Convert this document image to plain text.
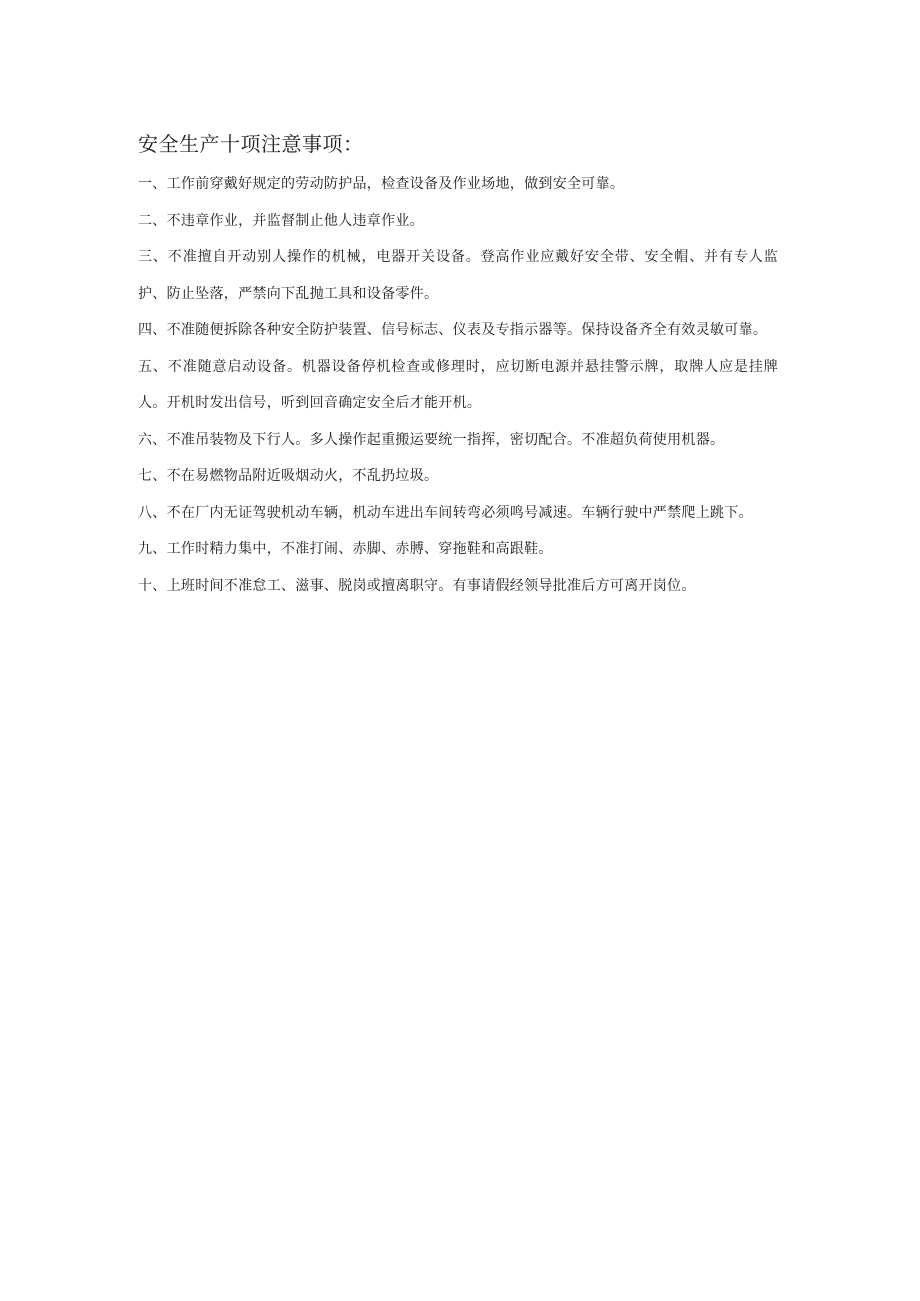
安全生产十项注意事项：
一、工作前穿戴好规定的劳动防护品，检查设备及作业场地，做到安全可靠。
二、不违章作业，并监督制止他人违章作业。
三、不准擅自开动别人操作的机械，电器开关设备。登高作业应戴好安全带、安全帽、并有专人监护、防止坠落，严禁向下乱抛工具和设备零件。
四、不准随便拆除各种安全防护装置、信号标志、仪表及专指示器等。保持设备齐全有效灵敏可靠。
五、不准随意启动设备。机器设备停机检查或修理时，应切断电源并悬挂警示牌，取牌人应是挂牌人。开机时发出信号，听到回音确定安全后才能开机。
六、不准吊装物及下行人。多人操作起重搬运要统一指挥，密切配合。不准超负荷使用机器。
七、不在易燃物品附近吸烟动火，不乱扔垃圾。
八、不在厂内无证驾驶机动车辆，机动车进出车间转弯必须鸣号减速。车辆行驶中严禁爬上跳下。
九、工作时精力集中，不准打闹、赤脚、赤膊、穿拖鞋和高跟鞋。
十、上班时间不准怠工、滋事、脱岗或擅离职守。有事请假经领导批准后方可离开岗位。
